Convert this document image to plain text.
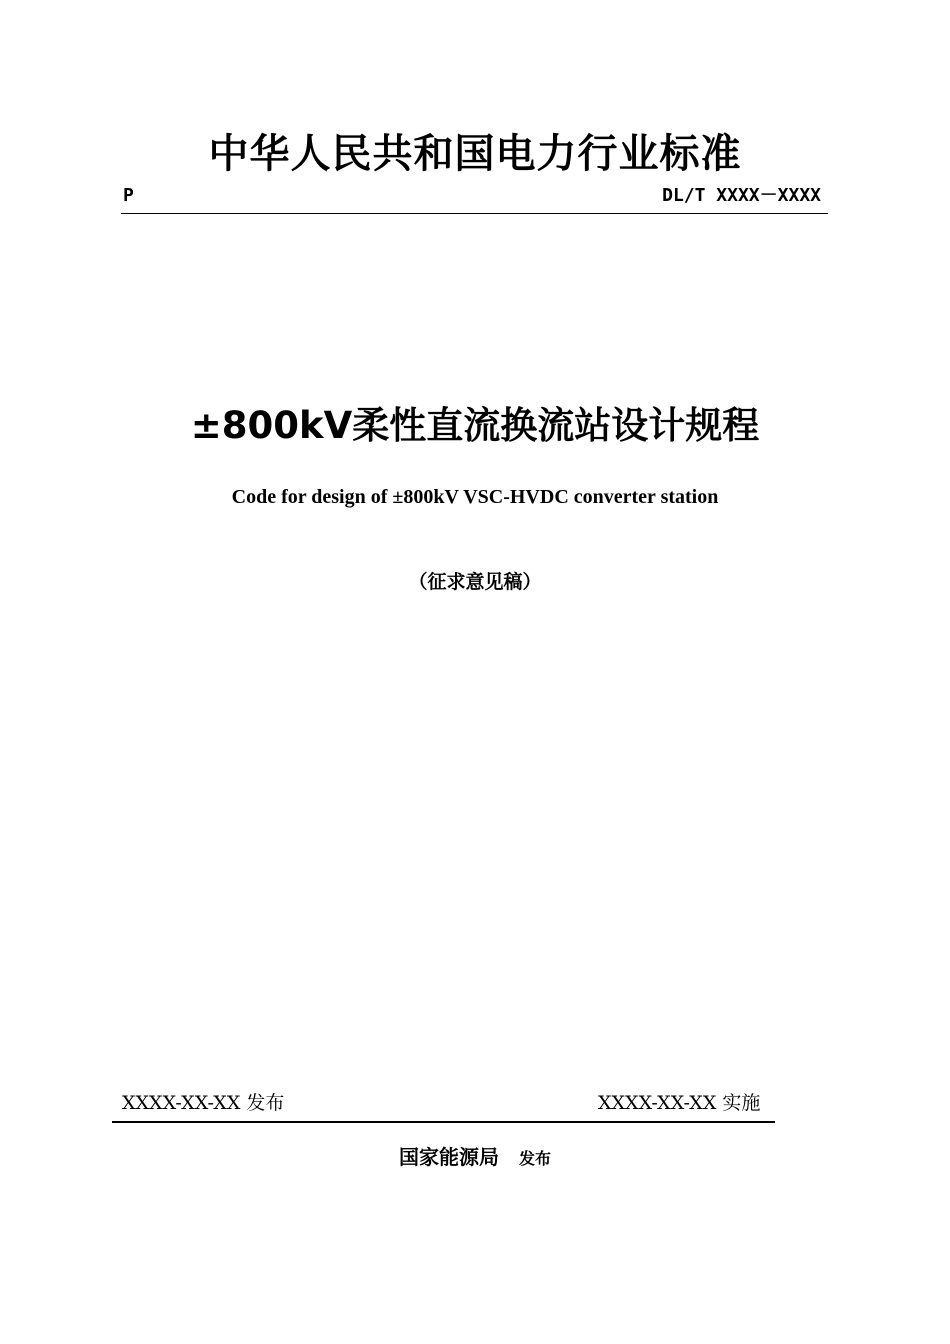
中华人民共和国电力行业标准
P	DL/T XXXX－XXXX
±800kV柔性直流换流站设计规程
Code for design of ±800kV VSC-HVDC converter station
（征求意见稿）
XXXX-XX-XX 发布	XXXX-XX-XX 实施
国家能源局 发布
